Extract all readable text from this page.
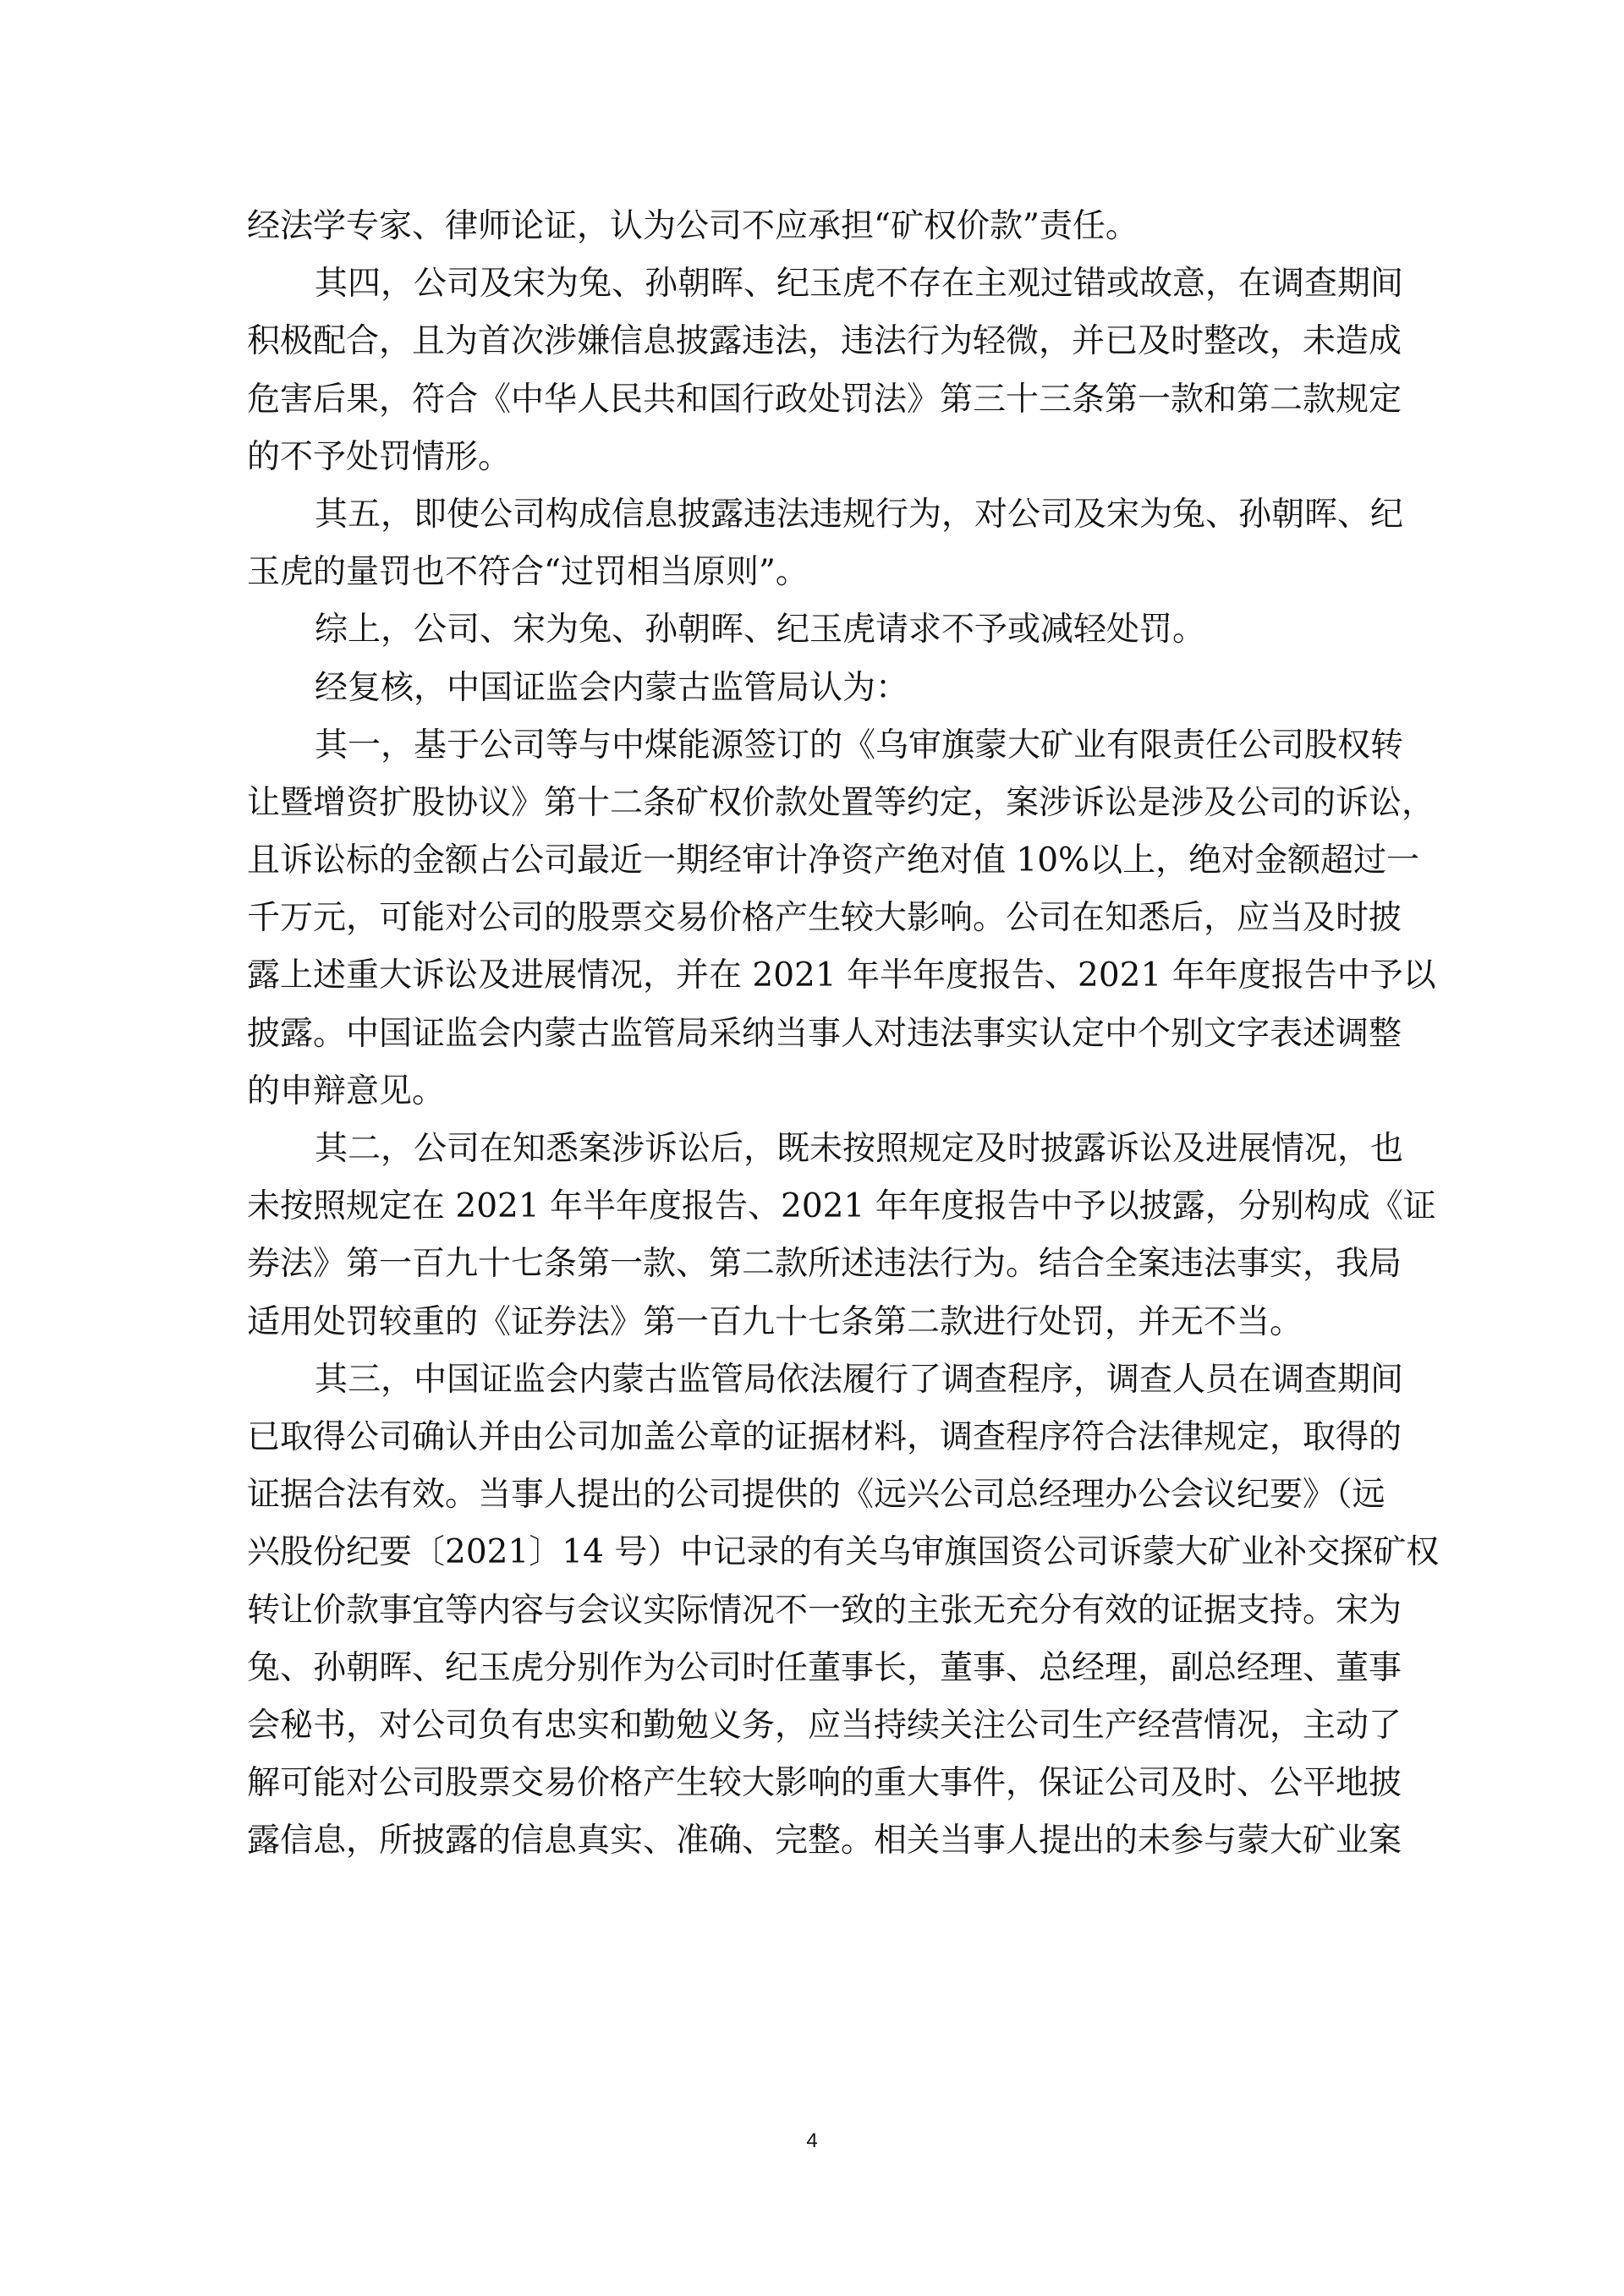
经法学专家、律师论证，认为公司不应承担“矿权价款”责任。
其四，公司及宋为兔、孙朝晖、纪玉虎不存在主观过错或故意，在调查期间
积极配合，且为首次涉嫌信息披露违法，违法行为轻微，并已及时整改，未造成
危害后果，符合《中华人民共和国行政处罚法》第三十三条第一款和第二款规定
的不予处罚情形。
其五，即使公司构成信息披露违法违规行为，对公司及宋为兔、孙朝晖、纪
玉虎的量罚也不符合“过罚相当原则”。
综上，公司、宋为兔、孙朝晖、纪玉虎请求不予或减轻处罚。
经复核，中国证监会内蒙古监管局认为：
其一，基于公司等与中煤能源签订的《乌审旗蒙大矿业有限责任公司股权转
让暨增资扩股协议》第十二条矿权价款处置等约定，案涉诉讼是涉及公司的诉讼，
且诉讼标的金额占公司最近一期经审计净资产绝对值 10%以上，绝对金额超过一
千万元，可能对公司的股票交易价格产生较大影响。公司在知悉后，应当及时披
露上述重大诉讼及进展情况，并在 2021 年半年度报告、2021 年年度报告中予以
披露。中国证监会内蒙古监管局采纳当事人对违法事实认定中个别文字表述调整
的申辩意见。
其二，公司在知悉案涉诉讼后，既未按照规定及时披露诉讼及进展情况，也
未按照规定在 2021 年半年度报告、2021 年年度报告中予以披露，分别构成《证
券法》第一百九十七条第一款、第二款所述违法行为。结合全案违法事实，我局
适用处罚较重的《证券法》第一百九十七条第二款进行处罚，并无不当。
其三，中国证监会内蒙古监管局依法履行了调查程序，调查人员在调查期间
已取得公司确认并由公司加盖公章的证据材料，调查程序符合法律规定，取得的
证据合法有效。当事人提出的公司提供的《远兴公司总经理办公会议纪要》（远
兴股份纪要〔2021〕14 号）中记录的有关乌审旗国资公司诉蒙大矿业补交探矿权
转让价款事宜等内容与会议实际情况不一致的主张无充分有效的证据支持。宋为
兔、孙朝晖、纪玉虎分别作为公司时任董事长，董事、总经理，副总经理、董事
会秘书，对公司负有忠实和勤勉义务，应当持续关注公司生产经营情况，主动了
解可能对公司股票交易价格产生较大影响的重大事件，保证公司及时、公平地披
露信息，所披露的信息真实、准确、完整。相关当事人提出的未参与蒙大矿业案
4
